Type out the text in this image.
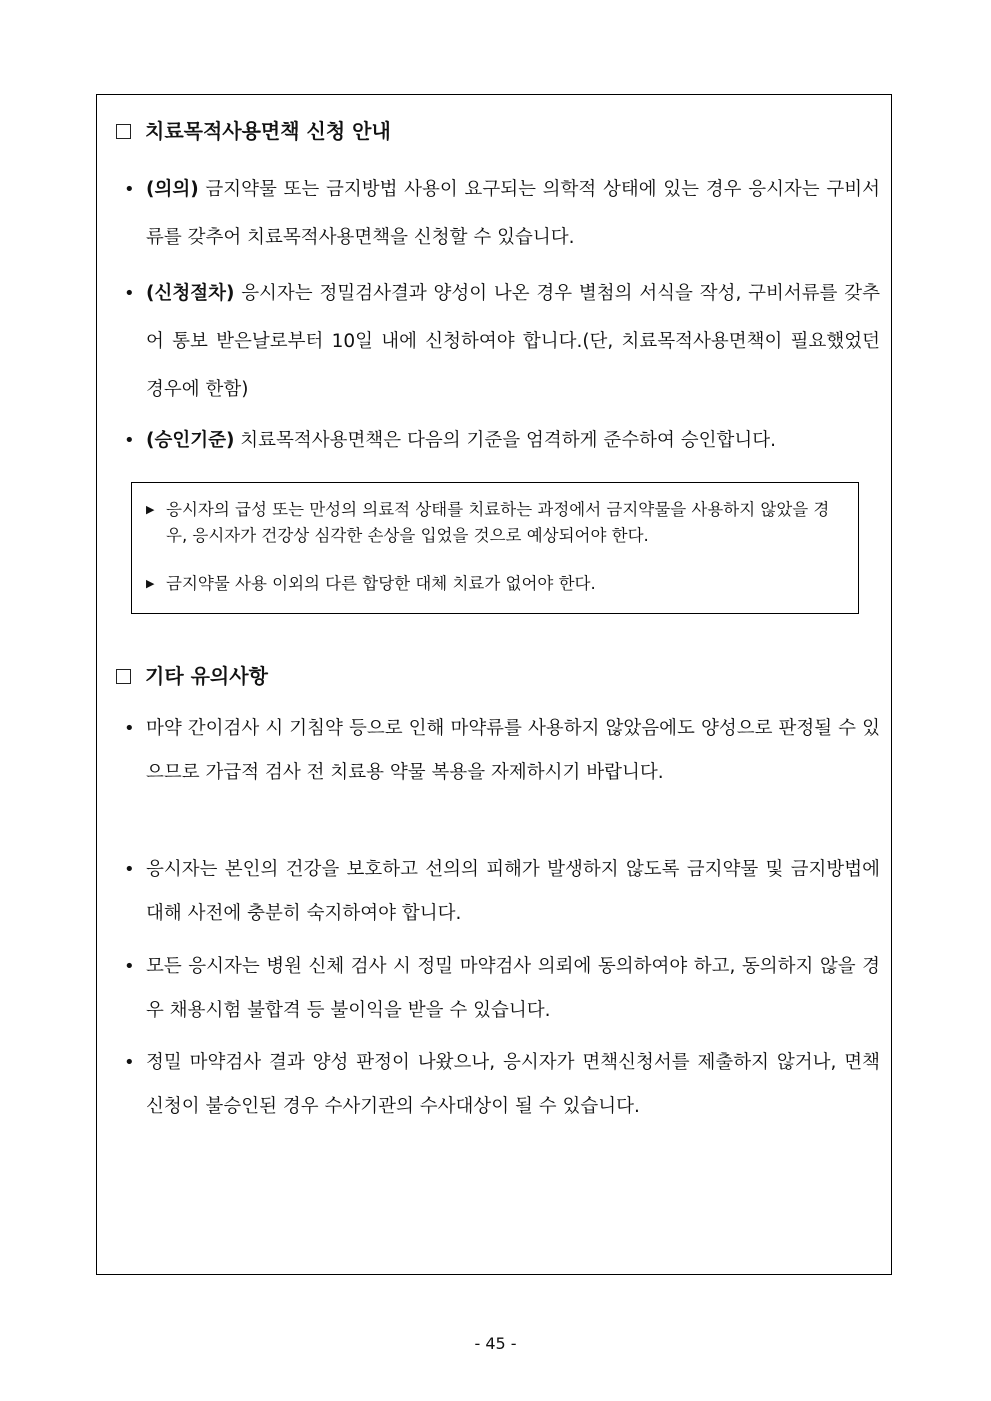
치료목적사용면책 신청 안내
• (의의) 금지약물 또는 금지방법 사용이 요구되는 의학적 상태에 있는 경우 응시자는 구비서류를 갖추어 치료목적사용면책을 신청할 수 있습니다.
• (신청절차) 응시자는 정밀검사결과 양성이 나온 경우 별첨의 서식을 작성, 구비서류를 갖추어 통보 받은날로부터 10일 내에 신청하여야 합니다.(단, 치료목적사용면책이 필요했었던 경우에 한함)
• (승인기준) 치료목적사용면책은 다음의 기준을 엄격하게 준수하여 승인합니다.
▶ 응시자의 급성 또는 만성의 의료적 상태를 치료하는 과정에서 금지약물을 사용하지 않았을 경우, 응시자가 건강상 심각한 손상을 입었을 것으로 예상되어야 한다.
▶ 금지약물 사용 이외의 다른 합당한 대체 치료가 없어야 한다.
기타 유의사항
• 마약 간이검사 시 기침약 등으로 인해 마약류를 사용하지 않았음에도 양성으로 판정될 수 있으므로 가급적 검사 전 치료용 약물 복용을 자제하시기 바랍니다.
• 응시자는 본인의 건강을 보호하고 선의의 피해가 발생하지 않도록 금지약물 및 금지방법에 대해 사전에 충분히 숙지하여야 합니다.
• 모든 응시자는 병원 신체 검사 시 정밀 마약검사 의뢰에 동의하여야 하고, 동의하지 않을 경우 채용시험 불합격 등 불이익을 받을 수 있습니다.
• 정밀 마약검사 결과 양성 판정이 나왔으나, 응시자가 면책신청서를 제출하지 않거나, 면책 신청이 불승인된 경우 수사기관의 수사대상이 될 수 있습니다.
- 45 -
